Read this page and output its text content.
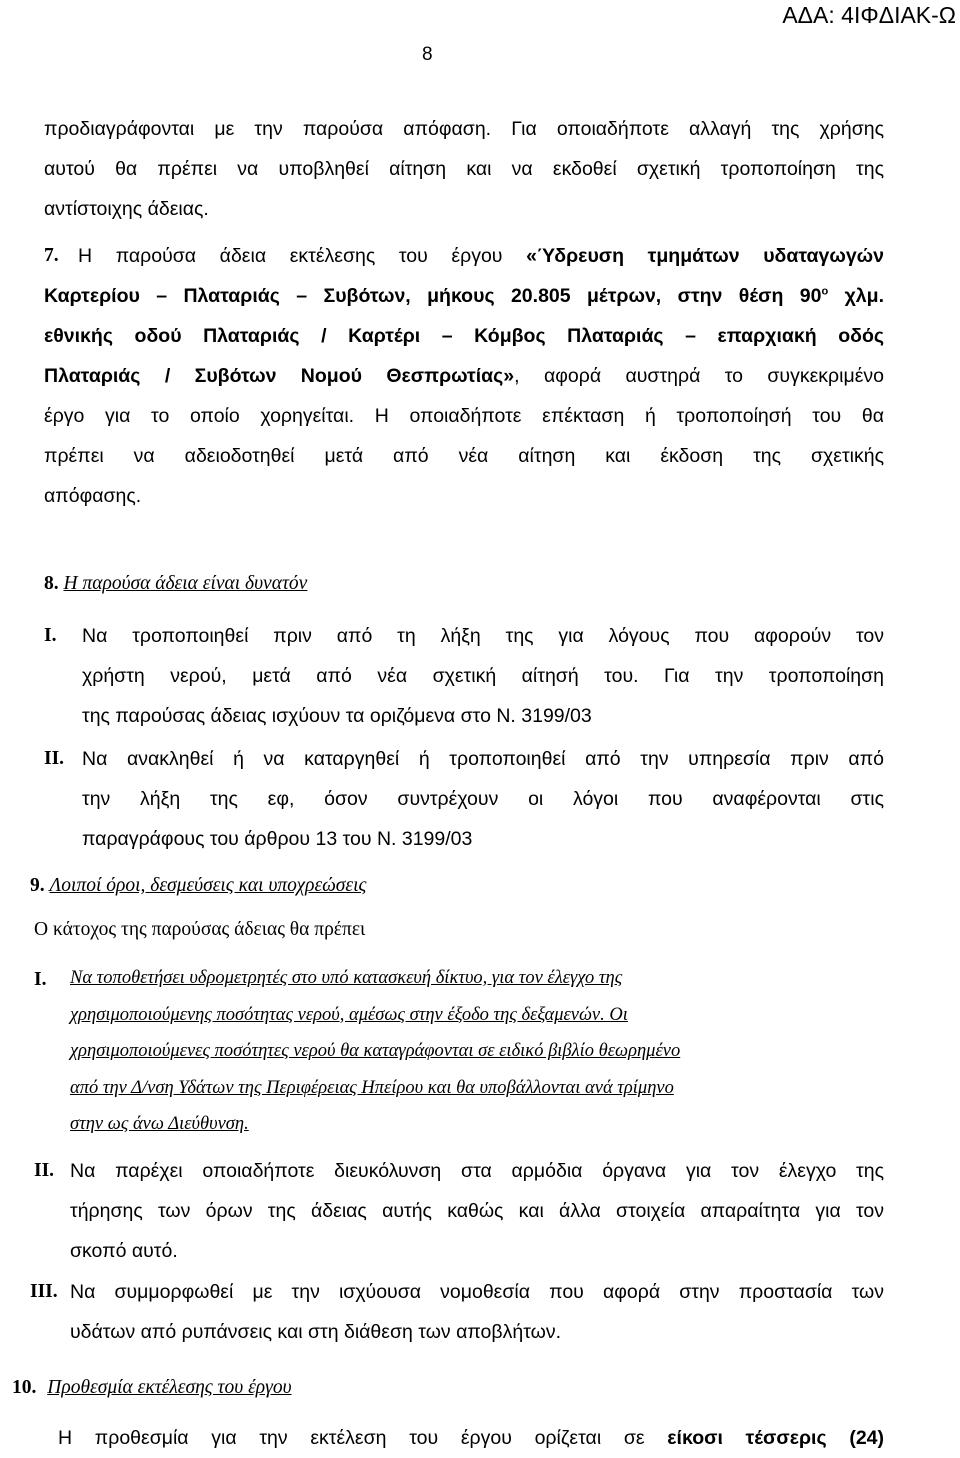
ΑΔΑ: 4ΙΦΔΙΑΚ-Ω
8
προδιαγράφονται με την παρούσα απόφαση. Για οποιαδήποτε αλλαγή της χρήσης
αυτού θα πρέπει να υποβληθεί αίτηση και να εκδοθεί σχετική τροποποίηση της
αντίστοιχης άδειας.
7. Η παρούσα άδεια εκτέλεσης του έργου «Ύδρευση τμημάτων υδαταγωγών
Καρτερίου – Πλαταριάς – Συβότων, μήκους 20.805 μέτρων, στην θέση $90^o$ χλμ.
εθνικής οδού Πλαταριάς / Καρτέρι – Κόμβος Πλαταριάς – επαρχιακή οδός
Πλαταριάς / Συβότων Νομού Θεσπρωτίας», αφορά αυστηρά το συγκεκριμένο
έργο για το οποίο χορηγείται. Η οποιαδήποτε επέκταση ή τροποποίησή του θα
πρέπει να αδειοδοτηθεί μετά από νέα αίτηση και έκδοση της σχετικής
απόφασης.
8. Η παρούσα άδεια είναι δυνατόν
Ι. Να τροποποιηθεί πριν από τη λήξη της για λόγους που αφορούν τον
χρήστη νερού, μετά από νέα σχετική αίτησή του. Για την τροποποίηση
της παρούσας άδειας ισχύουν τα οριζόμενα στο Ν. 3199/03
ΙΙ. Να ανακληθεί ή να καταργηθεί ή τροποποιηθεί από την υπηρεσία πριν από
την λήξη της εφ, όσον συντρέχουν οι λόγοι που αναφέρονται στις
παραγράφους του άρθρου 13 του Ν. 3199/03
9. Λοιποί όροι, δεσμεύσεις και υποχρεώσεις
Ο κάτοχος της παρούσας άδειας θα πρέπει
Ι. Να τοποθετήσει υδρομετρητές στο υπό κατασκευή δίκτυο, για τον έλεγχο της
χρησιμοποιούμενης ποσότητας νερού, αμέσως στην έξοδο της δεξαμενών. Οι
χρησιμοποιούμενες ποσότητες νερού θα καταγράφονται σε ειδικό βιβλίο θεωρημένο
από την Δ/νση Υδάτων της Περιφέρειας Ηπείρου και θα υποβάλλονται ανά τρίμηνο
στην ως άνω Διεύθυνση.
ΙΙ. Να παρέχει οποιαδήποτε διευκόλυνση στα αρμόδια όργανα για τον έλεγχο της
τήρησης των όρων της άδειας αυτής καθώς και άλλα στοιχεία απαραίτητα για τον
σκοπό αυτό.
ΙΙΙ. Να συμμορφωθεί με την ισχύουσα νομοθεσία που αφορά στην προστασία των
υδάτων από ρυπάνσεις και στη διάθεση των αποβλήτων.
10. Προθεσμία εκτέλεσης του έργου
Η προθεσμία για την εκτέλεση του έργου ορίζεται σε είκοσι τέσσερις (24)
